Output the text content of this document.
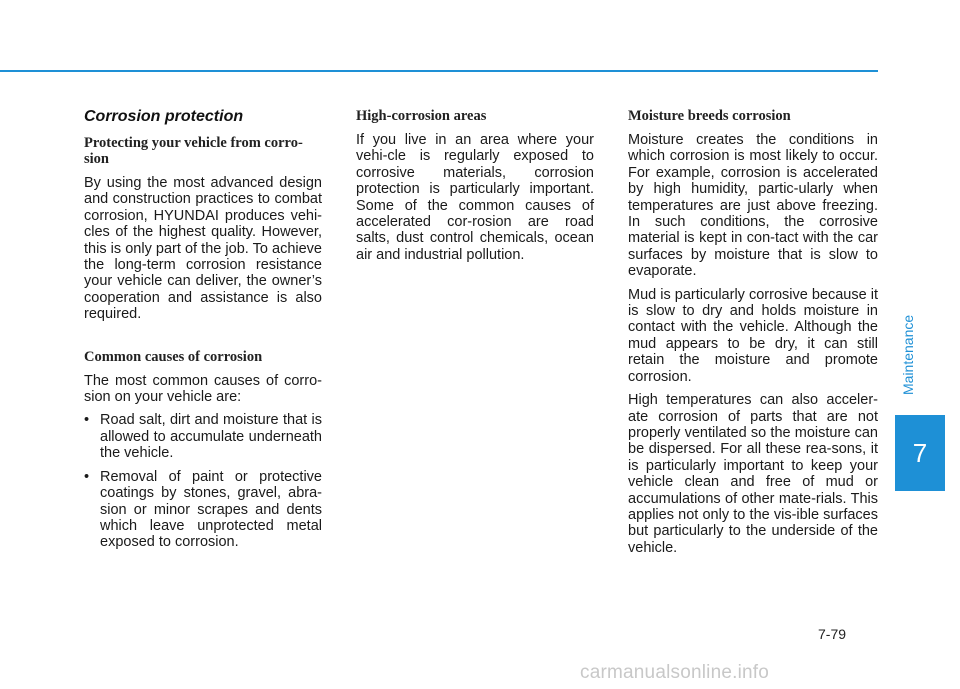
Corrosion protection
Protecting your vehicle from corro-sion

By using the most advanced design and construction practices to combat corrosion, HYUNDAI produces vehi-cles of the highest quality. However, this is only part of the job. To achieve the long-term corrosion resistance your vehicle can deliver, the owner’s cooperation and assistance is also required.

Common causes of corrosion

The most common causes of corro-sion on your vehicle are:

• Road salt, dirt and moisture that is allowed to accumulate underneath the vehicle.
• Removal of paint or protective coatings by stones, gravel, abra-sion or minor scrapes and dents which leave unprotected metal exposed to corrosion.
High-corrosion areas

If you live in an area where your vehi-cle is regularly exposed to corrosive materials, corrosion protection is particularly important. Some of the common causes of accelerated cor-rosion are road salts, dust control chemicals, ocean air and industrial pollution.

Moisture breeds corrosion

Moisture creates the conditions in which corrosion is most likely to occur. For example, corrosion is accelerated by high humidity, partic-ularly when temperatures are just above freezing. In such conditions, the corrosive material is kept in con-tact with the car surfaces by moisture that is slow to evaporate.

Mud is particularly corrosive because it is slow to dry and holds moisture in contact with the vehicle. Although the mud appears to be dry, it can still retain the moisture and promote corrosion.

High temperatures can also acceler-ate corrosion of parts that are not properly ventilated so the moisture can be dispersed. For all these rea-sons, it is particularly important to keep your vehicle clean and free of mud or accumulations of other mate-rials. This applies not only to the vis-ible surfaces but particularly to the underside of the vehicle.

Maintenance
7
7-79
carmanualsonline.info
